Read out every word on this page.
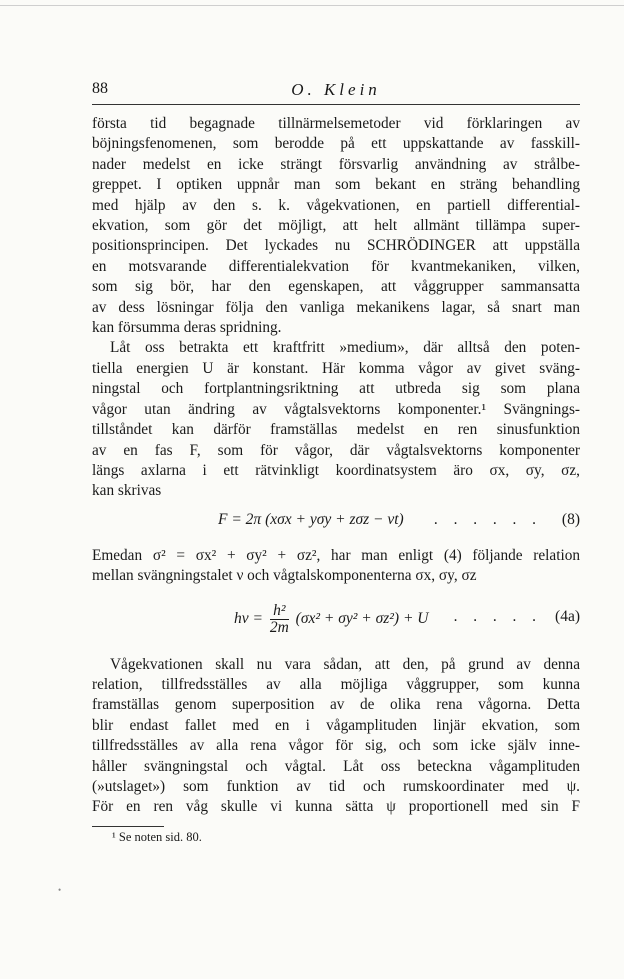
88	O. Klein

första tid begagnade tillnärmelsemetoder vid förklaringen av

böjningsfenomenen, som berodde på ett uppskattande av fasskill-

nader medelst en icke strängt försvarlig användning av strålbe-

greppet. I optiken uppnår man som bekant en sträng behandling

med hjälp av den s. k. vågekvationen, en partiell differential-

ekvation, som gör det möjligt, att helt allmänt tillämpa super-

positionsprincipen. Det lyckades nu SCHRÖDINGER att uppställa

en motsvarande differentialekvation för kvantmekaniken, vilken,

som sig bör, har den egenskapen, att våggrupper sammansatta

av dess lösningar följa den vanliga mekanikens lagar, så snart man

kan försumma deras spridning.

Låt oss betrakta ett kraftfritt »medium», där alltså den poten-

tiella energien U är konstant. Här komma vågor av givet sväng-

ningstal och fortplantningsriktning att utbreda sig som plana

vågor utan ändring av vågtalsvektorns komponenter.¹ Svängnings-

tillståndet kan därför framställas medelst en ren sinusfunktion

av en fas F, som för vågor, där vågtalsvektorns komponenter

längs axlarna i ett rätvinkligt koordinatsystem äro σx, σy, σz,

kan skrivas

F = 2π (xσx + yσy + zσz − νt) . . . . . . (8)

Emedan σ² = σx² + σy² + σz², har man enligt (4) följande relation

mellan svängningstalet ν och vågtalskomponenterna σx, σy, σz

$h\nu = \frac{\text{h²}}{2m} (\sigma x^2 + \sigma y^2 + \sigma z^2) + U$ . . . . . (4a)

Vågekvationen skall nu vara sådan, att den, på grund av denna

relation, tillfredsställes av alla möjliga våggrupper, som kunna

framställas genom superposition av de olika rena vågorna. Detta

blir endast fallet med en i vågamplituden linjär ekvation, som

tillfredsställes av alla rena vågor för sig, och som icke själv inne-

håller svängningstal och vågtal. Låt oss beteckna vågamplituden

(»utslaget») som funktion av tid och rumskoordinater med ψ.

För en ren våg skulle vi kunna sätta ψ proportionell med sin F

¹ Se noten sid. 80.
•
